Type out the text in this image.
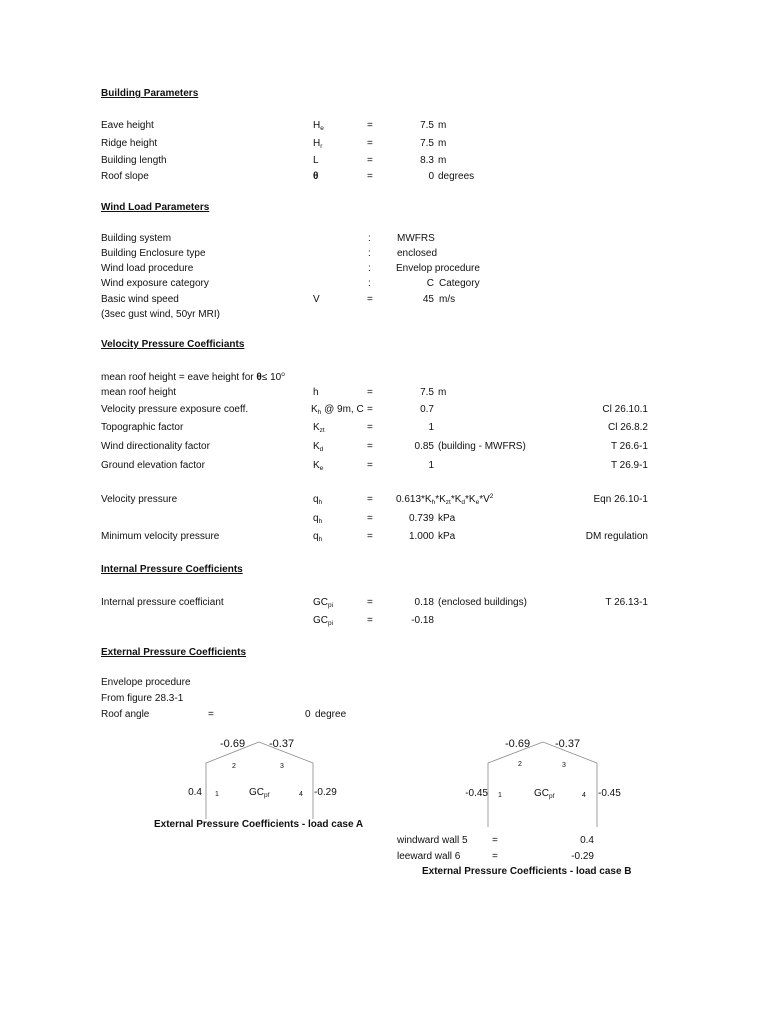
Building Parameters
Eave height	$H_e$	=	7.5 m
Ridge height	$H_r$	=	7.5 m
Building length	L	=	8.3 m
Roof slope	θ	=	0 degrees
Wind Load Parameters
Building system	:	MWFRS
Building Enclosure type	:	enclosed
Wind load procedure	:	Envelop procedure
Wind exposure category	:	C Category
Basic wind speed	V	=	45 m/s
(3sec gust wind, 50yr MRI)
Velocity Pressure Coefficiants
mean roof height = eave height for $\theta\le 10^o$
mean roof height	h	=	7.5 m
Velocity pressure exposure coeff.	$K_h$ @ 9m, C =	0.7	Cl 26.10.1
Topographic factor	$K_{zt}$	=	1	Cl 26.8.2
Wind directionality factor	$K_d$	=	0.85 (building - MWFRS)	T 26.6-1
Ground elevation factor	$K_e$	=	1	T 26.9-1
Velocity pressure	$q_h$	= $0.613*K_h*K_{zt}*K_d*K_e*V^2$	Eqn 26.10-1
$q_h$	=	0.739 kPa
Minimum velocity pressure	$q_h$	=	1.000 kPa	DM regulation
Internal Pressure Coefficients
Internal pressure coefficiant	$GC_{pi}$	=	0.18 (enclosed buildings)	T 26.13-1
$GC_{pi}$	=	-0.18
External Pressure Coefficients
Envelope procedure
From figure 28.3-1
Roof angle	=	0 degree
-0.69 -0.37
2	3
0.4 1	$GC_{pf}$	4 -0.29
External Pressure Coefficients - load case A
-0.69 -0.37
2	3
-0.45 1	$GC_{pf}$	4 -0.45
windward wall 5 =	0.4
leeward wall 6	=	-0.29
External Pressure Coefficients - load case B
